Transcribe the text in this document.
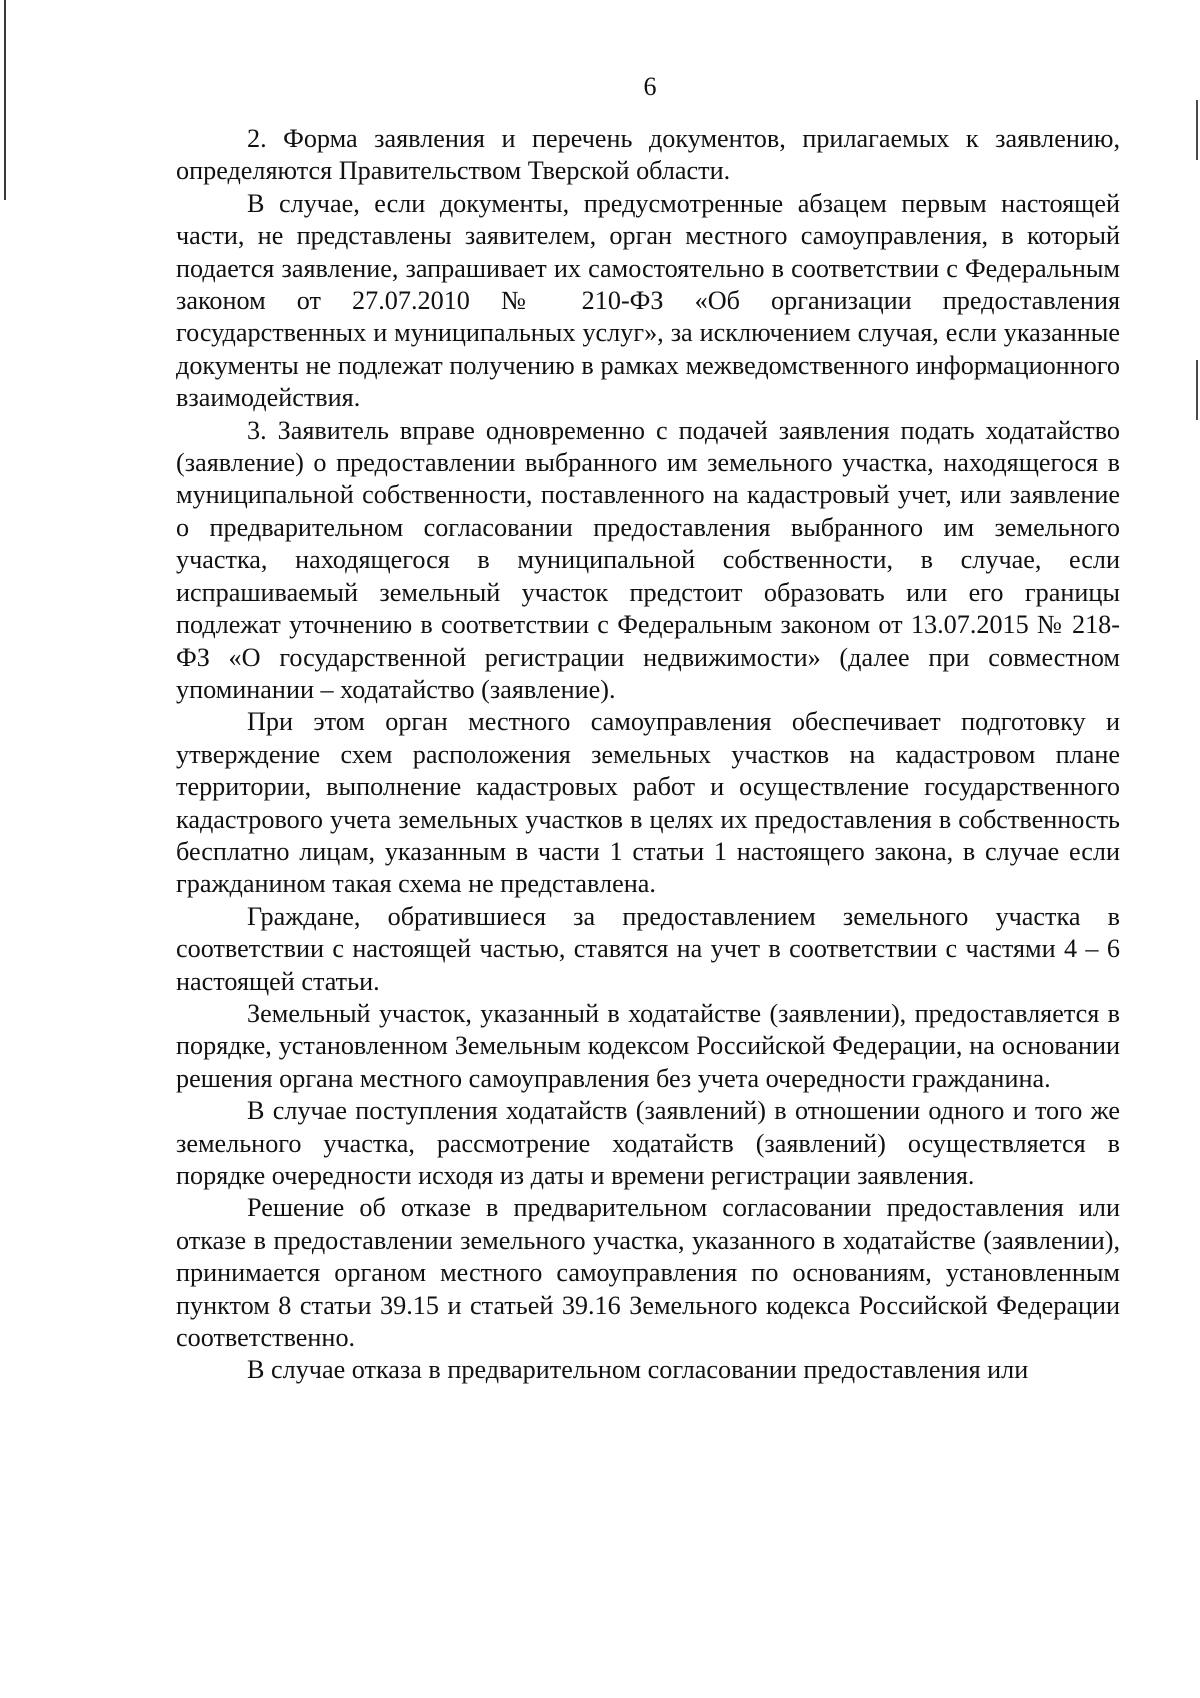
6

2. Форма заявления и перечень документов, прилагаемых к заявлению, определяются Правительством Тверской области.

В случае, если документы, предусмотренные абзацем первым настоящей части, не представлены заявителем, орган местного самоуправления, в который подается заявление, запрашивает их самостоятельно в соответствии с Федеральным законом от 27.07.2010 № 210-ФЗ «Об организации предоставления государственных и муниципальных услуг», за исключением случая, если указанные документы не подлежат получению в рамках межведомственного информационного взаимодействия.

3. Заявитель вправе одновременно с подачей заявления подать ходатайство (заявление) о предоставлении выбранного им земельного участка, находящегося в муниципальной собственности, поставленного на кадастровый учет, или заявление о предварительном согласовании предоставления выбранного им земельного участка, находящегося в муниципальной собственности, в случае, если испрашиваемый земельный участок предстоит образовать или его границы подлежат уточнению в соответствии с Федеральным законом от 13.07.2015 № 218-ФЗ «О государственной регистрации недвижимости» (далее при совместном упоминании – ходатайство (заявление).

При этом орган местного самоуправления обеспечивает подготовку и утверждение схем расположения земельных участков на кадастровом плане территории, выполнение кадастровых работ и осуществление государственного кадастрового учета земельных участков в целях их предоставления в собственность бесплатно лицам, указанным в части 1 статьи 1 настоящего закона, в случае если гражданином такая схема не представлена.

Граждане, обратившиеся за предоставлением земельного участка в соответствии с настоящей частью, ставятся на учет в соответствии с частями 4 – 6 настоящей статьи.

Земельный участок, указанный в ходатайстве (заявлении), предоставляется в порядке, установленном Земельным кодексом Российской Федерации, на основании решения органа местного самоуправления без учета очередности гражданина.

В случае поступления ходатайств (заявлений) в отношении одного и того же земельного участка, рассмотрение ходатайств (заявлений) осуществляется в порядке очередности исходя из даты и времени регистрации заявления.

Решение об отказе в предварительном согласовании предоставления или отказе в предоставлении земельного участка, указанного в ходатайстве (заявлении), принимается органом местного самоуправления по основаниям, установленным пунктом 8 статьи 39.15 и статьей 39.16 Земельного кодекса Российской Федерации соответственно.

В случае отказа в предварительном согласовании предоставления или
